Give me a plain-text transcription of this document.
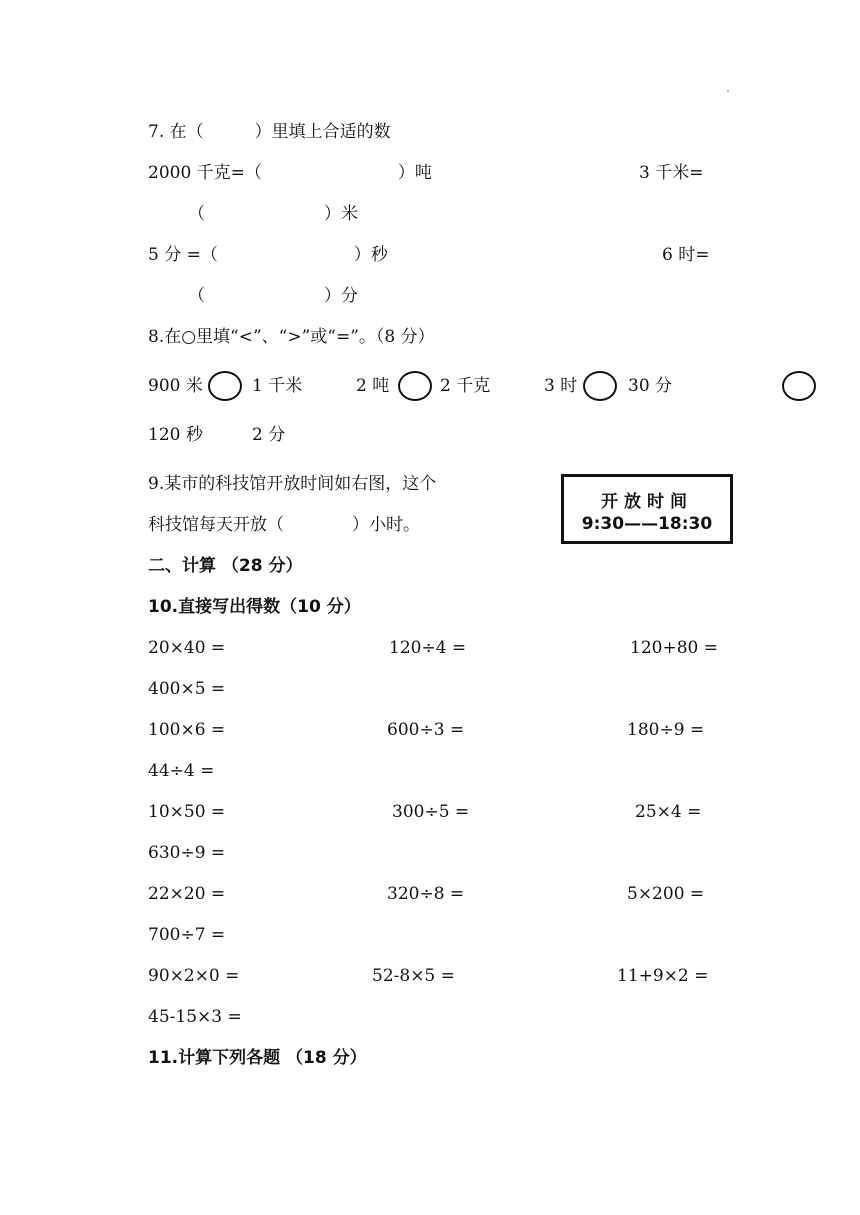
7. 在（　　　）里填上合适的数
2000 千克=（　　　　　　　　）吨	3 千米=
（　　　　　　　）米
5 分 =（　　　　　　　　）秒	6 时=
（　　　　　　　）分
8.在○里填“<”、“>”或“=”。（8 分）
900 米	1 千米	2 吨	2 千克	3 时	30 分
120 秒	2 分
9.某市的科技馆开放时间如右图，这个
科技馆每天开放（　　　　）小时。
开放时间
9:30——18:30
二、计算 （28 分）
10.直接写出得数（10 分）
20×40 =	120÷4 =	120+80 =
400×5 =
100×6 =	600÷3 =	180÷9 =
44÷4 =
10×50 =	300÷5 =	25×4 =
630÷9 =
22×20 =	320÷8 =	5×200 =
700÷7 =
90×2×0 =	52-8×5 =	11+9×2 =
45-15×3 =
11.计算下列各题 （18 分）
